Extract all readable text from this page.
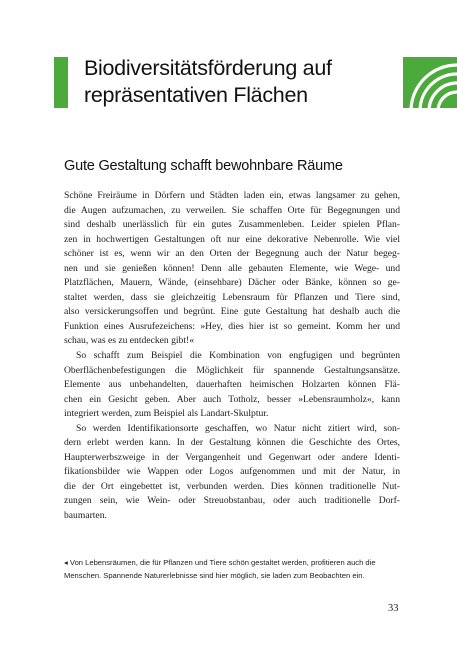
Biodiversitätsförderung auf
repräsentativen Flächen
Gute Gestaltung schafft bewohnbare Räume
Schöne Freiräume in Dörfern und Städten laden ein, etwas langsamer zu gehen,
die Augen aufzumachen, zu verweilen. Sie schaffen Orte für Begegnungen und
sind deshalb unerlässlich für ein gutes Zusammenleben. Leider spielen Pflan-
zen in hochwertigen Gestaltungen oft nur eine dekorative Nebenrolle. Wie viel
schöner ist es, wenn wir an den Orten der Begegnung auch der Natur begeg-
nen und sie genießen können! Denn alle gebauten Elemente, wie Wege- und
Platzflächen, Mauern, Wände, (einsehbare) Dächer oder Bänke, können so ge-
staltet werden, dass sie gleichzeitig Lebensraum für Pflanzen und Tiere sind,
also versickerungsoffen und begrünt. Eine gute Gestaltung hat deshalb auch die
Funktion eines Ausrufezeichens: »Hey, dies hier ist so gemeint. Komm her und
schau, was es zu entdecken gibt!«
So schafft zum Beispiel die Kombination von engfugigen und begrünten
Oberflächenbefestigungen die Möglichkeit für spannende Gestaltungsansätze.
Elemente aus unbehandelten, dauerhaften heimischen Holzarten können Flä-
chen ein Gesicht geben. Aber auch Totholz, besser »Lebensraumholz«, kann
integriert werden, zum Beispiel als Landart-Skulptur.
So werden Identifikationsorte geschaffen, wo Natur nicht zitiert wird, son-
dern erlebt werden kann. In der Gestaltung können die Geschichte des Ortes,
Haupterwerbszweige in der Vergangenheit und Gegenwart oder andere Identi-
fikationsbilder wie Wappen oder Logos aufgenommen und mit der Natur, in
die der Ort eingebettet ist, verbunden werden. Dies können traditionelle Nut-
zungen sein, wie Wein- oder Streuobstanbau, oder auch traditionelle Dorf-
baumarten.
◂ Von Lebensräumen, die für Pflanzen und Tiere schön gestaltet werden, profitieren auch die
Menschen. Spannende Naturerlebnisse sind hier möglich, sie laden zum Beobachten ein.
33
